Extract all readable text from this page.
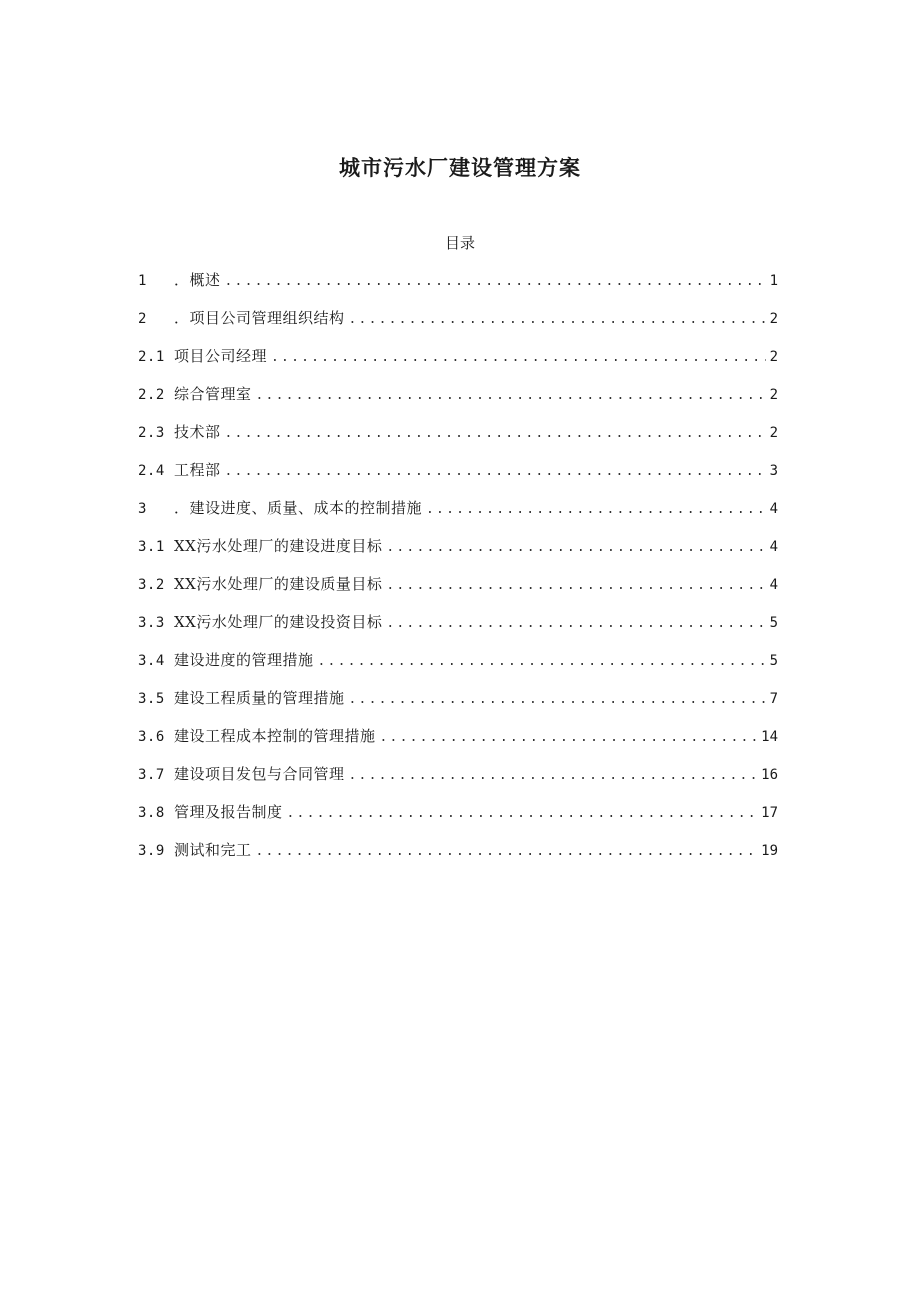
城市污水厂建设管理方案
目录
1 ．概述 .....	1
2 ．项目公司管理组织结构 .....	2
2.1 项目公司经理 .....	2
2.2 综合管理室 .....	2
2.3 技术部 .....	2
2.4 工程部 .....	3
3 ．建设进度、质量、成本的控制措施 .....	4
3.1 XX污水处理厂的建设进度目标 .....	4
3.2 XX污水处理厂的建设质量目标 .....	4
3.3 XX污水处理厂的建设投资目标 .....	5
3.4 建设进度的管理措施 .....	5
3.5 建设工程质量的管理措施 .....	7
3.6 建设工程成本控制的管理措施 .....	14
3.7 建设项目发包与合同管理 .....	16
3.8 管理及报告制度 .....	17
3.9 测试和完工 .....	19
